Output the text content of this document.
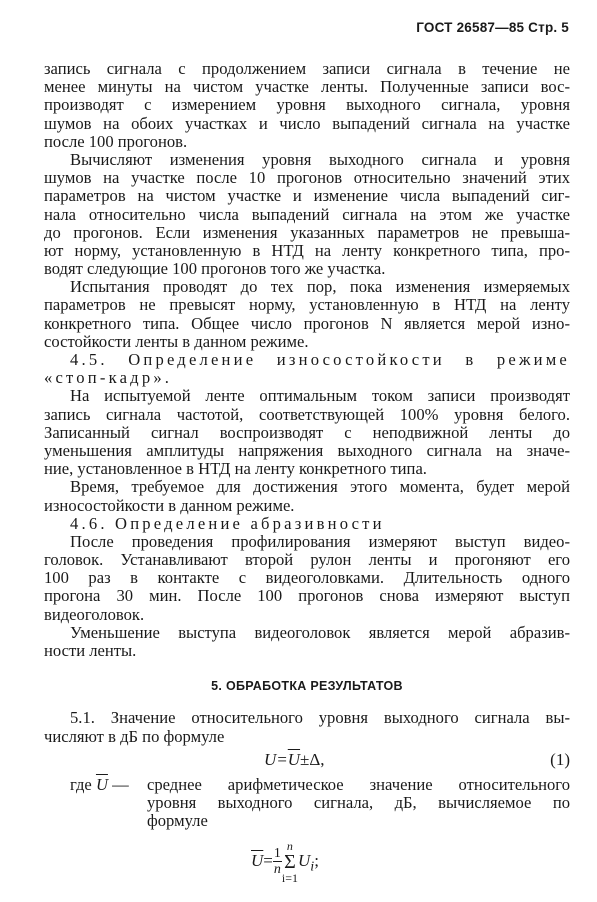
ГОСТ 26587—85 Стр. 5
запись сигнала с продолжением записи сигнала в течение не
менее минуты на чистом участке ленты. Полученные записи вос-
производят с измерением уровня выходного сигнала, уровня
шумов на обоих участках и число выпадений сигнала на участке
после 100 прогонов.
Вычисляют изменения уровня выходного сигнала и уровня
шумов на участке после 10 прогонов относительно значений этих
параметров на чистом участке и изменение числа выпадений сиг-
нала относительно числа выпадений сигнала на этом же участке
до прогонов. Если изменения указанных параметров не превыша-
ют норму, установленную в НТД на ленту конкретного типа, про-
водят следующие 100 прогонов того же участка.
Испытания проводят до тех пор, пока изменения измеряемых
параметров не превысят норму, установленную в НТД на ленту
конкретного типа. Общее число прогонов N является мерой изно-
состойкости ленты в данном режиме.
4.5. Определение износостойкости в режиме
«стоп-кадр».
На испытуемой ленте оптимальным током записи производят
запись сигнала частотой, соответствующей 100% уровня белого.
Записанный сигнал воспроизводят с неподвижной ленты до
уменьшения амплитуды напряжения выходного сигнала на значе-
ние, установленное в НТД на ленту конкретного типа.
Время, требуемое для достижения этого момента, будет мерой
износостойкости в данном режиме.
4.6. Определение абразивности
После проведения профилирования измеряют выступ видео-
головок. Устанавливают второй рулон ленты и прогоняют его
100 раз в контакте с видеоголовками. Длительность одного
прогона 30 мин. После 100 прогонов снова измеряют выступ
видеоголовок.
Уменьшение выступа видеоголовок является мерой абразив-
ности ленты.
5. ОБРАБОТКА РЕЗУЛЬТАТОВ
5.1. Значение относительного уровня выходного сигнала вы-
числяют в дБ по формуле
$U=\overline{U}\pm\Delta$,	(1)
где $\overline{U}$ — среднее арифметическое значение относительного
уровня выходного сигнала, дБ, вычисляемое по
формуле
$\overline{U}= \frac{1}{n}$
n
Σ
$i=1U_i$;
